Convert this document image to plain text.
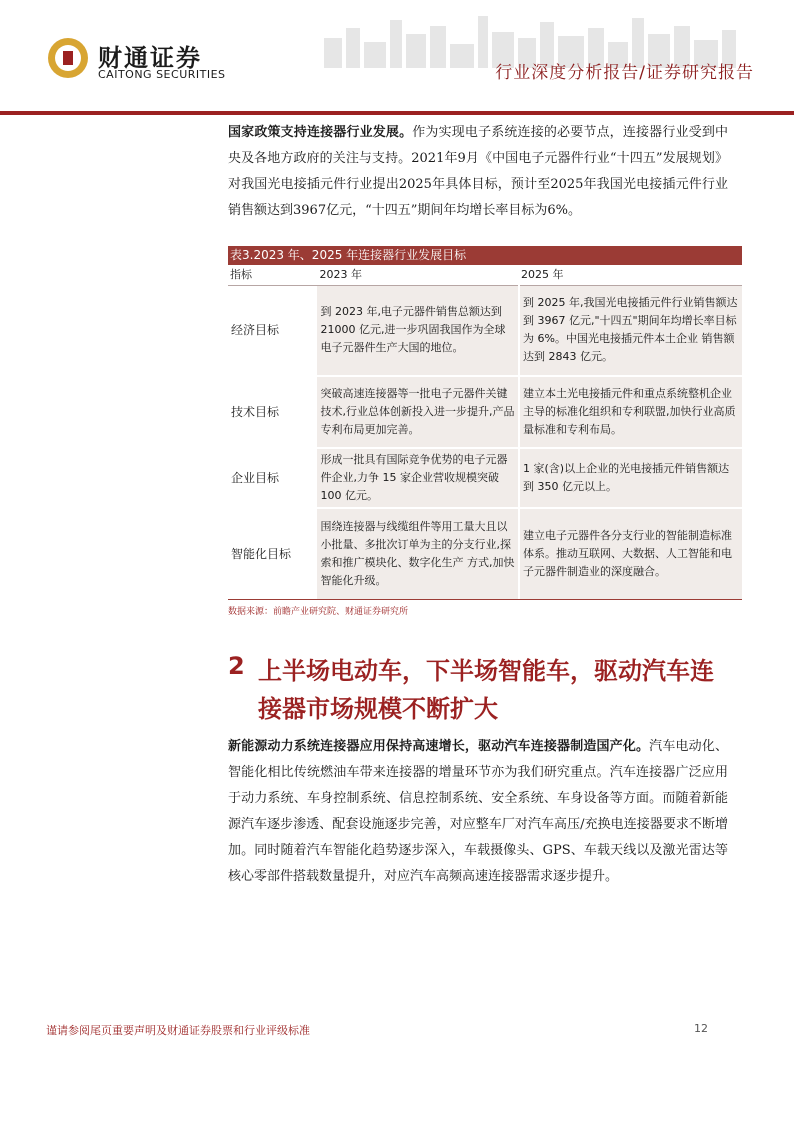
财通证券
CAITONG SECURITIES	行业深度分析报告/证券研究报告

国家政策支持连接器行业发展。作为实现电子系统连接的必要节点，连接器行业受到中央及各地方政府的关注与支持。2021年9月《中国电子元器件行业“十四五”发展规划》对我国光电接插元件行业提出2025年具体目标，预计至2025年我国光电接插元件行业销售额达到3967亿元，“十四五”期间年均增长率目标为6%。

表3.2023 年、2025 年连接器行业发展目标
指标	2023 年	2025 年
经济目标	到 2023 年,电子元器件销售总额达到 21000 亿元,进一步巩固我国作为全球电子元器件生产大国的地位。	到 2025 年,我国光电接插元件行业销售额达到 3967 亿元,"十四五"期间年均增长率目标为 6%。中国光电接插元件本土企业 销售额达到 2843 亿元。
技术目标	突破高速连接器等一批电子元器件关键技术,行业总体创新投入进一步提升,产品专利布局更加完善。	建立本土光电接插元件和重点系统整机企业主导的标准化组织和专利联盟,加快行业高质量标准和专利布局。
企业目标	形成一批具有国际竞争优势的电子元器件企业,力争 15 家企业营收规模突破 100 亿元。	1 家(含)以上企业的光电接插元件销售额达到 350 亿元以上。
智能化目标	围绕连接器与线缆组件等用工量大且以小批量、多批次订单为主的分支行业,探索和推广模块化、数字化生产 方式,加快智能化升级。	建立电子元器件各分支行业的智能制造标准体系。推动互联网、大数据、人工智能和电子元器件制造业的深度融合。
数据来源：前瞻产业研究院、财通证券研究所
2 上半场电动车，下半场智能车，驱动汽车连接器市场规模不断扩大

新能源动力系统连接器应用保持高速增长，驱动汽车连接器制造国产化。汽车电动化、智能化相比传统燃油车带来连接器的增量环节亦为我们研究重点。汽车连接器广泛应用于动力系统、车身控制系统、信息控制系统、安全系统、车身设备等方面。而随着新能源汽车逐步渗透、配套设施逐步完善，对应整车厂对汽车高压/充换电连接器要求不断增加。同时随着汽车智能化趋势逐步深入，车载摄像头、GPS、车载天线以及激光雷达等核心零部件搭载数量提升，对应汽车高频高速连接器需求逐步提升。

谨请参阅尾页重要声明及财通证券股票和行业评级标准	12
